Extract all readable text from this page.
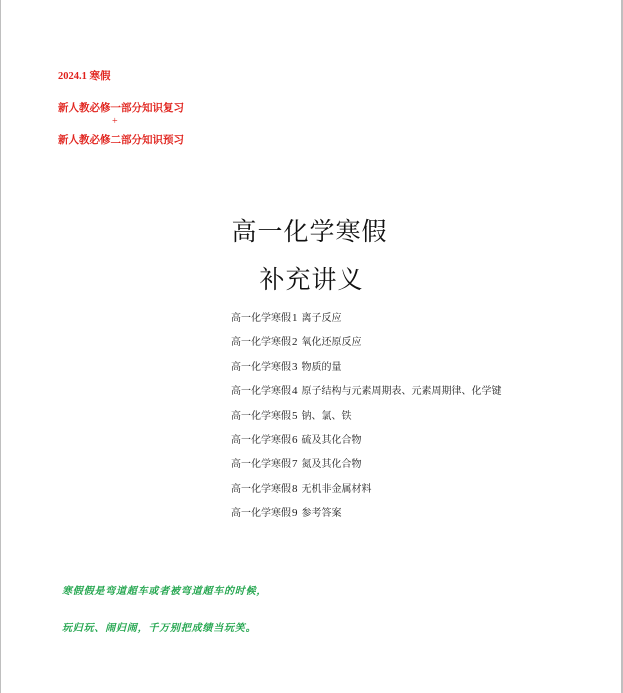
2024.1 寒假
新人教必修一部分知识复习
+
新人教必修二部分知识预习
高一化学寒假
补充讲义
高一化学寒假1 离子反应
高一化学寒假2 氧化还原反应
高一化学寒假3 物质的量
高一化学寒假4 原子结构与元素周期表、元素周期律、化学键
高一化学寒假5 钠、氯、铁
高一化学寒假6 硫及其化合物
高一化学寒假7 氮及其化合物
高一化学寒假8 无机非金属材料
高一化学寒假9 参考答案
寒假假是弯道超车或者被弯道超车的时候，
玩归玩、闹归闹，千万别把成绩当玩笑。
